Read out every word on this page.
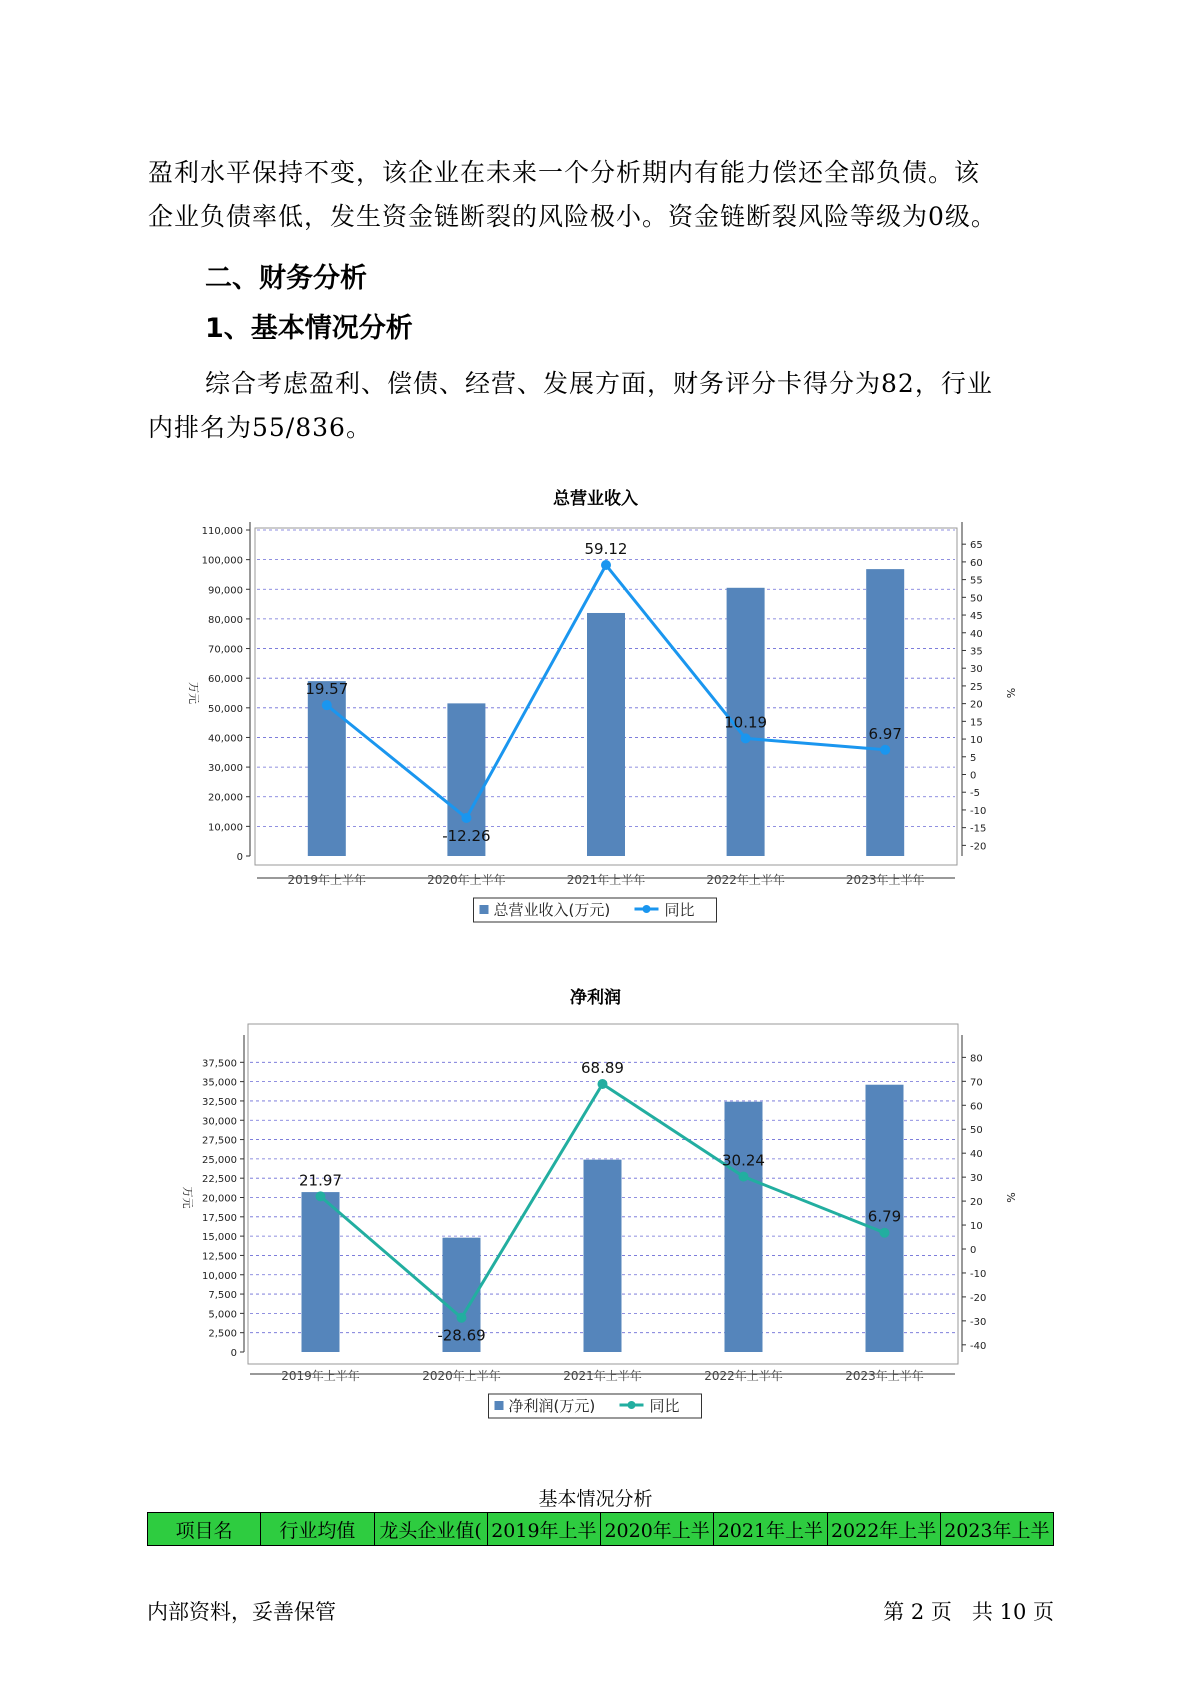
盈利水平保持不变，该企业在未来一个分析期内有能力偿还全部负债。该

企业负债率低，发生资金链断裂的风险极小。资金链断裂风险等级为0级。

二、财务分析
1、基本情况分析

综合考虑盈利、偿债、经营、发展方面，财务评分卡得分为82，行业

内排名为55/836。

总营业收入
0
10,000
20,000
30,000
40,000
50,000
60,000
70,000
80,000
90,000
100,000
110,000
-20
-15
-10
-5
0
5
10
15
20
25
30
35
40
45
50
55
60
65
万元	%
2019年上半年	2020年上半年	2021年上半年	2022年上半年	2023年上半年
19.57
-12.26
59.12
10.19
6.97
总营业收入(万元)	同比
净利润
0
2,500
5,000
7,500
10,000
12,500
15,000
17,500
20,000
22,500
25,000
27,500
30,000
32,500
35,000
37,500
-40
-30
-20
-10
0
10
20
30
40
50
60
70
80
万元	%
2019年上半年	2020年上半年	2021年上半年	2022年上半年	2023年上半年
21.97
-28.69
68.89
30.24
6.79
净利润(万元)	同比
基本情况分析
项目名	行业均值	龙头企业值(	2019年上半	2020年上半	2021年上半	2022年上半	2023年上半
内部资料，妥善保管	第 2 页   共 10 页
